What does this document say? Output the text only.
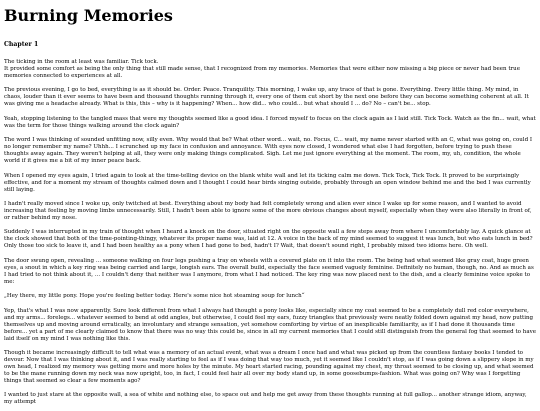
Burning Memories
Chapter 1

The ticking in the room at least was familiar. Tick tock.
It provided some comfort as being the only thing that still made sense, that I recognized from my memories. Memories that were either now missing a big piece or never had been true memories connected to experiences at all.

The previous evening, I go to bed, everything is as it should be. Order. Peace. Tranquility. This morning, I wake up, any trace of that is gone. Everything. Every little thing. My mind, in chaos, louder than it ever seems to have been and thousand thoughts running through it, every one of them cut short by the next one before they can become something coherent at all. It was giving me a headache already. What is this, this – why is it happening? When... how did... who could... but what should I ... do? No – can't be... stop.

Yeah, stopping listening to the tangled mass that were my thoughts seemed like a good idea. I forced myself to focus on the clock again as I laid still. Tick Tock. Watch as the fin... wait, what was the term for those things walking around the clock again?

The word I was thinking of sounded unfitting now, silly even. Why would that be? What other word... wait, no. Focus, C... wait, my name never started with an C, what was going on, could I no longer remember my name? Uhhh... I scrunched up my face in confusion and annoyance. With eyes now closed, I wondered what else I had forgotten, before trying to push these thoughts away again. They weren't helping at all, they were only making things complicated. Sigh. Let me just ignore everything at the moment. The room, my, uh, condition, the whole world if it gives me a bit of my inner peace back.

When I opened my eyes again, I tried again to look at the time-telling device on the blank white wall and let its ticking calm me down. Tick Tock, Tick Tock. It proved to be surprisingly effective, and for a moment my stream of thoughts calmed down and I thought I could hear birds singing outside, probably through an open window behind me and the bed I was currently still laying.

I hadn't really moved since I woke up, only twitched at best. Everything about my body had felt completely wrong and alien ever since I wake up for some reason, and I wanted to avoid increasing that feeling by moving limbs unnecessarily. Still, I hadn't been able to ignore some of the more obvious changes about myself, especially when they were also literally in front of, or rather behind my nose.

Suddenly I was interrupted in my train of thought when I heard a knock on the door, situated right on the opposite wall a few steps away from where I uncomfortably lay. A quick glance at the clock showed that both of the time-pointing-thingy, whatever its proper name was, laid at 12. A voice in the back of my mind seemed to suggest it was lunch, but who eats lunch in bed? Only those too sick to leave it, and I had been healthy as a pony when I had gone to bed, hadn't I? Wait, that doesn't sound right, I probably mixed two idioms here. Oh well.

The door swung open, revealing ... someone walking on four legs pushing a tray on wheels with a covered plate on it into the room. The being had what seemed like gray coat, huge green eyes, a snout in which a key ring was being carried and large, longish ears. The overall build, especially the face seemed vaguely feminine. Definitely no human, though, no. And as much as I had tried to not think about it, ... I couldn't deny that neither was I anymore, from what I had noticed. The key ring was now placed next to the dish, and a clearly feminine voice spoke to me:

„Hey there, my little pony. Hope you're feeling better today. Here's some nice hot steaming soup for lunch“

Yep, that's what I was now apparently. Sure look different from what I always had thought a pony looks like, especially since my coat seemed to be a completely dull red color everywhere, and my arms... forelegs... whatever seemed to bend at odd angles, but otherwise, I could feel my ears, fuzzy triangles that previously were neatly folded down against my head, now putting themselves up and moving around erratically, an involuntary and strange sensation, yet somehow comforting by virtue of an inexplicable familiarity, as if I had done it thousands time before... yet a part of me clearly claimed to know that there was no way this could be, since in all my current memories that I could still distinguish from the general fog that seemed to have laid itself on my mind I was nothing like this.

Though it became increasingly difficult to tell what was a memory of an actual event, what was a dream I once had and what was picked up from the countless fantasy books I tended to devour. Now that I was thinking about it, and I was really starting to feel as if I was doing that way too much, yet it seemed like I couldn't stop, as if I was going down a slippery slope in my own head, I realized my memory was getting more and more holes by the minute. My heart started racing, pounding against my chest, my throat seemed to be closing up, and what seemed to be the mane running down my neck was now upright, too, in fact, I could feel hair all over my body stand up, in some goosebumps-fashion. What was going on? Why was I forgetting things that seemed so clear a few moments ago?

I wanted to just stare at the opposite wall, a sea of white and nothing else, to space out and help me get away from these thoughts running at full gallop... another strange idiom, anyway, my attempt
